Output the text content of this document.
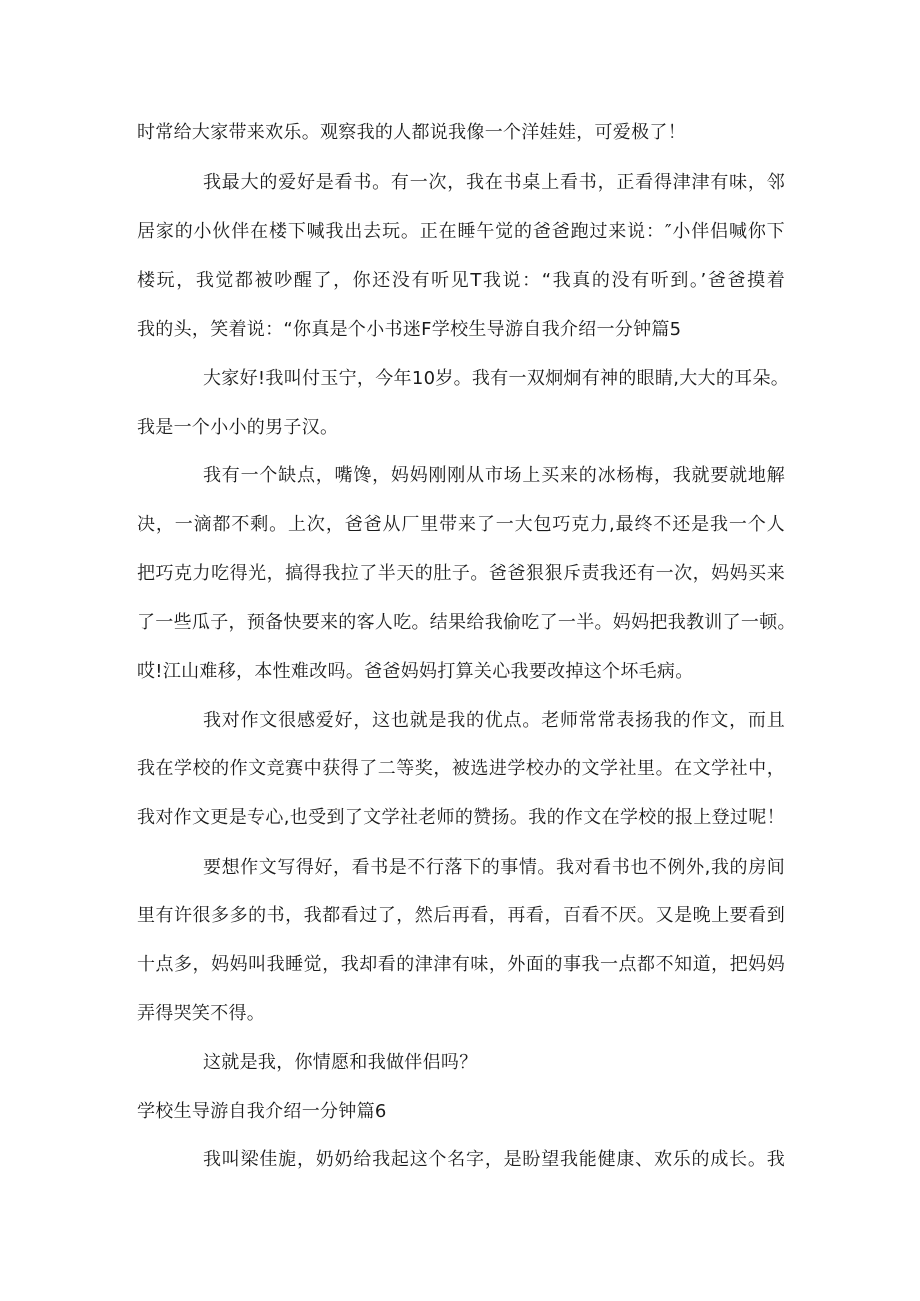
时常给大家带来欢乐。观察我的人都说我像一个洋娃娃，可爱极了！

我最大的爱好是看书。有一次，我在书桌上看书，正看得津津有味，邻

居家的小伙伴在楼下喊我出去玩。正在睡午觉的爸爸跑过来说：″小伴侣喊你下

楼玩，我觉都被吵醒了，你还没有听见T我说：“我真的没有听到。’爸爸摸着

我的头，笑着说：“你真是个小书迷F学校生导游自我介绍一分钟篇5

大家好!我叫付玉宁，今年10岁。我有一双炯炯有神的眼睛,大大的耳朵。

我是一个小小的男子汉。

我有一个缺点，嘴馋，妈妈刚刚从市场上买来的冰杨梅，我就要就地解

决，一滴都不剩。上次，爸爸从厂里带来了一大包巧克力,最终不还是我一个人

把巧克力吃得光，搞得我拉了半天的肚子。爸爸狠狠斥责我还有一次，妈妈买来

了一些瓜子，预备快要来的客人吃。结果给我偷吃了一半。妈妈把我教训了一顿。

哎!江山难移，本性难改吗。爸爸妈妈打算关心我要改掉这个坏毛病。

我对作文很感爱好，这也就是我的优点。老师常常表扬我的作文，而且

我在学校的作文竞赛中获得了二等奖，被选进学校办的文学社里。在文学社中，

我对作文更是专心,也受到了文学社老师的赞扬。我的作文在学校的报上登过呢！

要想作文写得好，看书是不行落下的事情。我对看书也不例外,我的房间

里有许很多多的书，我都看过了，然后再看，再看，百看不厌。又是晚上要看到

十点多，妈妈叫我睡觉，我却看的津津有味，外面的事我一点都不知道，把妈妈

弄得哭笑不得。

这就是我，你情愿和我做伴侣吗？

学校生导游自我介绍一分钟篇6

我叫梁佳旎，奶奶给我起这个名字，是盼望我能健康、欢乐的成长。我
